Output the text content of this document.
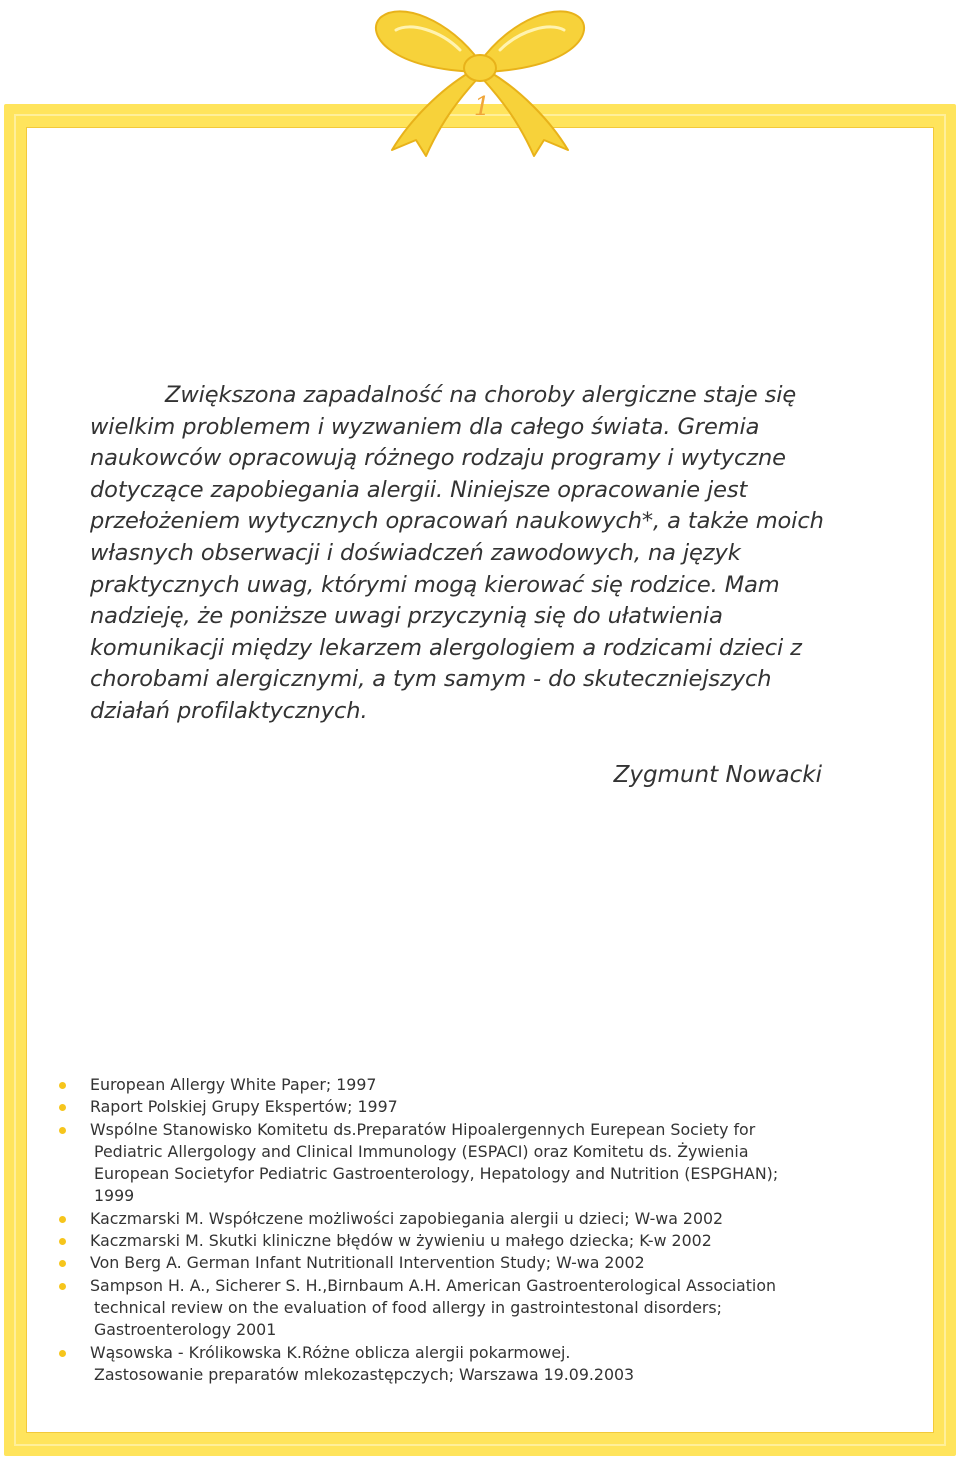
1

Zwiększona zapadalność na choroby alergiczne staje się wielkim problemem i wyzwaniem dla całego świata. Gremia naukowców opracowują różnego rodzaju programy i wytyczne dotyczące zapobiegania alergii. Niniejsze opracowanie jest przełożeniem wytycznych opracowań naukowych*, a także moich własnych obserwacji i doświadczeń zawodowych, na język praktycznych uwag, którymi mogą kierować się rodzice. Mam nadzieję, że poniższe uwagi przyczynią się do ułatwienia komunikacji między lekarzem alergologiem a rodzicami dzieci z chorobami alergicznymi, a tym samym - do skuteczniejszych działań profilaktycznych.

Zygmunt Nowacki
European Allergy White Paper; 1997
Raport Polskiej Grupy Ekspertów; 1997
Wspólne Stanowisko Komitetu ds.Preparatów Hipoalergennych Eurepean Society for
Pediatric Allergology and Clinical Immunology (ESPACI) oraz Komitetu ds. Żywienia
European Societyfor Pediatric Gastroenterology, Hepatology and Nutrition (ESPGHAN);
1999
Kaczmarski M. Współczene możliwości zapobiegania alergii u dzieci; W-wa 2002
Kaczmarski M. Skutki kliniczne błędów w żywieniu u małego dziecka; K-w 2002
Von Berg A. German Infant Nutritionall Intervention Study; W-wa 2002
Sampson H. A., Sicherer S. H.,Birnbaum A.H. American Gastroenterological Association
technical review on the evaluation of food allergy in gastrointestonal disorders;
Gastroenterology 2001
Wąsowska - Królikowska K.Różne oblicza alergii pokarmowej.
Zastosowanie preparatów mlekozastępczych; Warszawa 19.09.2003
